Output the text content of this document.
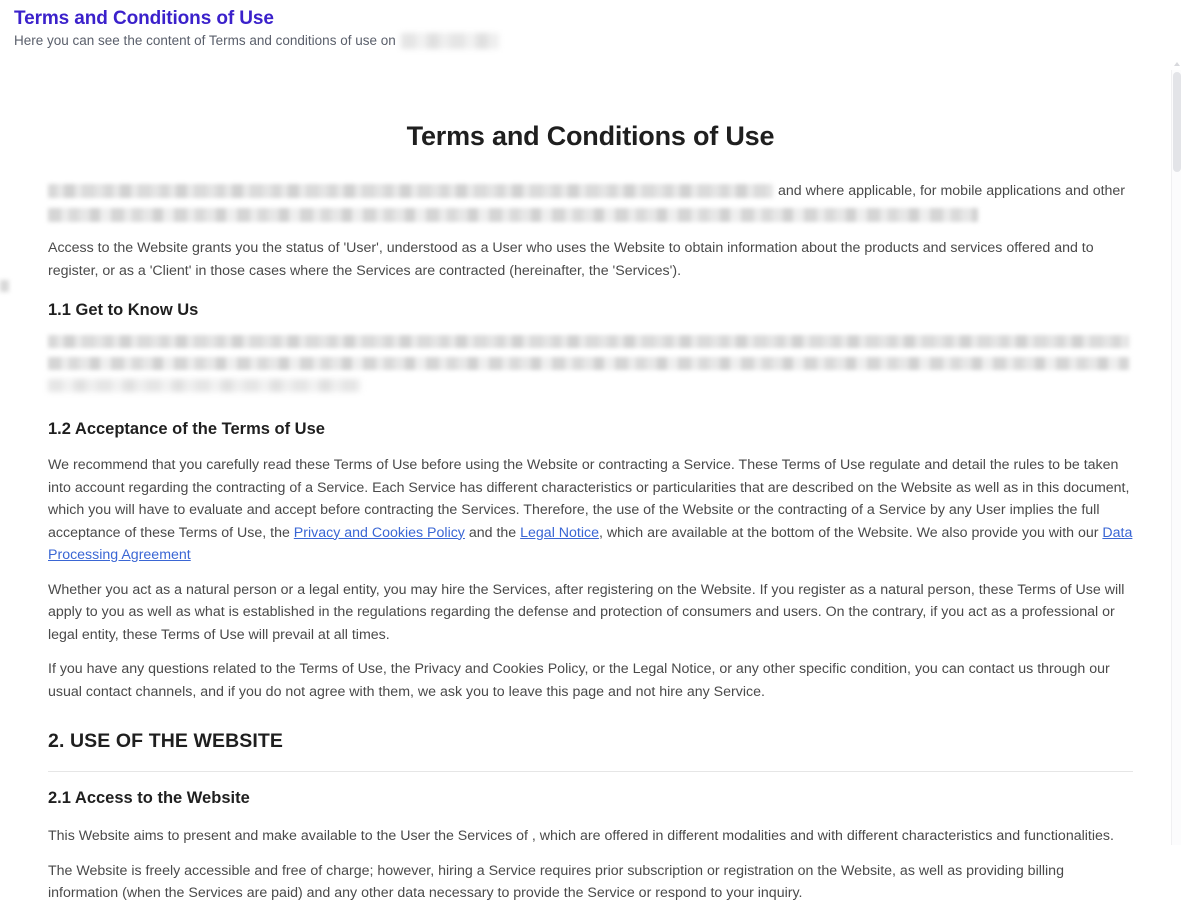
Terms and Conditions of Use
Here you can see the content of Terms and conditions of use on
Terms and Conditions of Use

and where applicable, for mobile applications and other

Access to the Website grants you the status of 'User', understood as a User who uses the Website to obtain information about the products and services offered and to register, or as a 'Client' in those cases where the Services are contracted (hereinafter, the 'Services').

1.1 Get to Know Us

1.2 Acceptance of the Terms of Use

We recommend that you carefully read these Terms of Use before using the Website or contracting a Service. These Terms of Use regulate and detail the rules to be taken into account regarding the contracting of a Service. Each Service has different characteristics or particularities that are described on the Website as well as in this document, which you will have to evaluate and accept before contracting the Services. Therefore, the use of the Website or the contracting of a Service by any User implies the full acceptance of these Terms of Use, the Privacy and Cookies Policy and the Legal Notice, which are available at the bottom of the Website. We also provide you with our Data Processing Agreement

Whether you act as a natural person or a legal entity, you may hire the Services, after registering on the Website. If you register as a natural person, these Terms of Use will apply to you as well as what is established in the regulations regarding the defense and protection of consumers and users. On the contrary, if you act as a professional or legal entity, these Terms of Use will prevail at all times.

If you have any questions related to the Terms of Use, the Privacy and Cookies Policy, or the Legal Notice, or any other specific condition, you can contact us through our usual contact channels, and if you do not agree with them, we ask you to leave this page and not hire any Service.

2. USE OF THE WEBSITE
2.1 Access to the Website

This Website aims to present and make available to the User the Services of , which are offered in different modalities and with different characteristics and functionalities.

The Website is freely accessible and free of charge; however, hiring a Service requires prior subscription or registration on the Website, as well as providing billing information (when the Services are paid) and any other data necessary to provide the Service or respond to your inquiry.
